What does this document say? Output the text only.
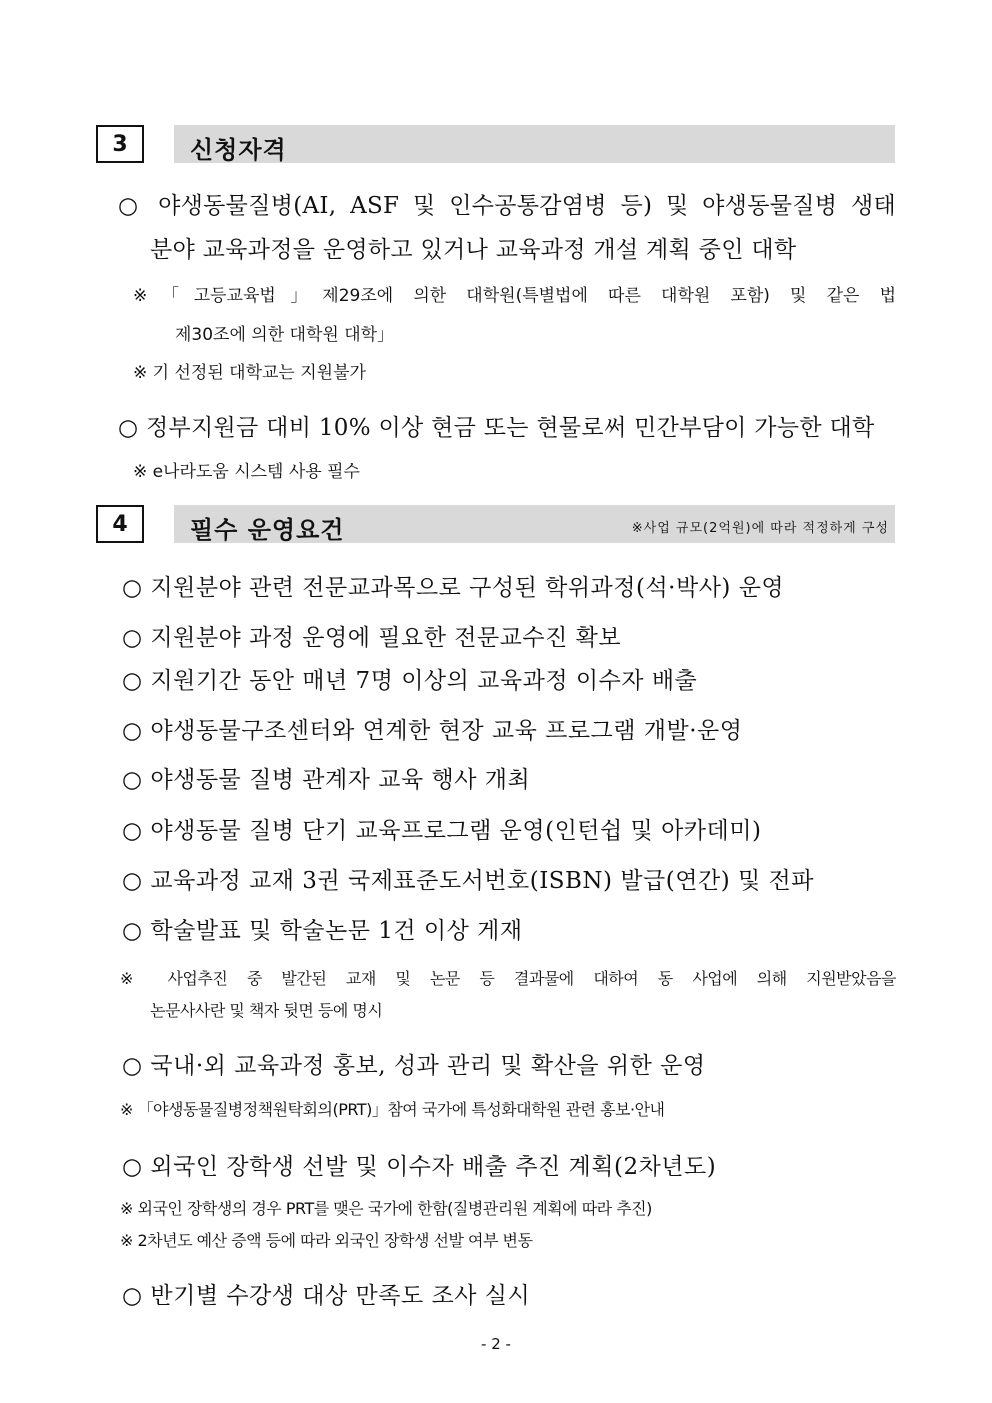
3	신청자격
○ 야생동물질병(AI, ASF 및 인수공통감염병 등) 및 야생동물질병 생태
분야 교육과정을 운영하고 있거나 교육과정 개설 계획 중인 대학
※「고등교육법」제29조에 의한 대학원(특별법에 따른 대학원 포함) 및 같은 법
제30조에 의한 대학원 대학」
※ 기 선정된 대학교는 지원불가
○ 정부지원금 대비 10% 이상 현금 또는 현물로써 민간부담이 가능한 대학
※ e나라도움 시스템 사용 필수
4	필수 운영요건	※사업 규모(2억원)에 따라 적정하게 구성
○ 지원분야 관련 전문교과목으로 구성된 학위과정(석·박사) 운영
○ 지원분야 과정 운영에 필요한 전문교수진 확보
○ 지원기간 동안 매년 7명 이상의 교육과정 이수자 배출
○ 야생동물구조센터와 연계한 현장 교육 프로그램 개발·운영
○ 야생동물 질병 관계자 교육 행사 개최
○ 야생동물 질병 단기 교육프로그램 운영(인턴쉽 및 아카데미)
○ 교육과정 교재 3권 국제표준도서번호(ISBN) 발급(연간) 및 전파
○ 학술발표 및 학술논문 1건 이상 게재
※ 사업추진 중 발간된 교재 및 논문 등 결과물에 대하여 동 사업에 의해 지원받았음을
논문사사란 및 책자 뒷면 등에 명시
○ 국내·외 교육과정 홍보, 성과 관리 및 확산을 위한 운영
※ 「야생동물질병정책원탁회의(PRT)」참여 국가에 특성화대학원 관련 홍보·안내
○ 외국인 장학생 선발 및 이수자 배출 추진 계획(2차년도)
※ 외국인 장학생의 경우 PRT를 맺은 국가에 한함(질병관리원 계획에 따라 추진)
※ 2차년도 예산 증액 등에 따라 외국인 장학생 선발 여부 변동
○ 반기별 수강생 대상 만족도 조사 실시
- 2 -
